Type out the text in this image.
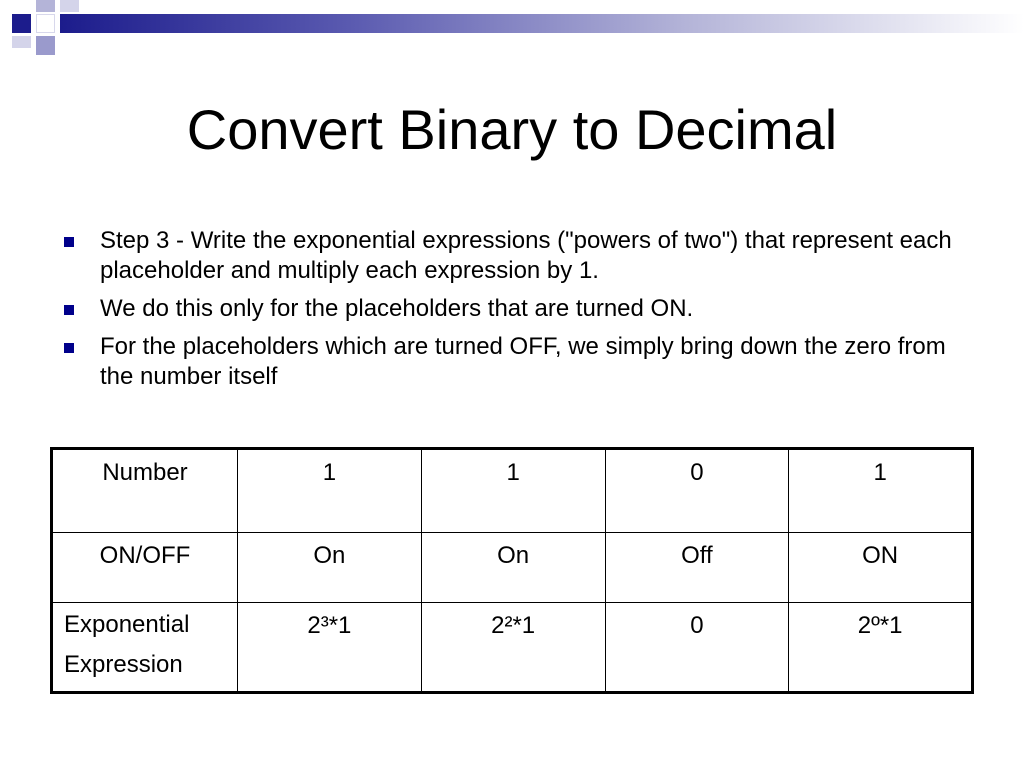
Convert Binary to Decimal
Step 3 - Write the exponential expressions ("powers of two") that represent each placeholder and multiply each expression by 1.
We do this only for the placeholders that are turned ON.
For the placeholders which are turned OFF, we simply bring down the zero from the number itself
Number	1	1	0	1
ON/OFF	On	On	Off	ON

Exponential
Expression	2³*1	2²*1	0	2º*1
